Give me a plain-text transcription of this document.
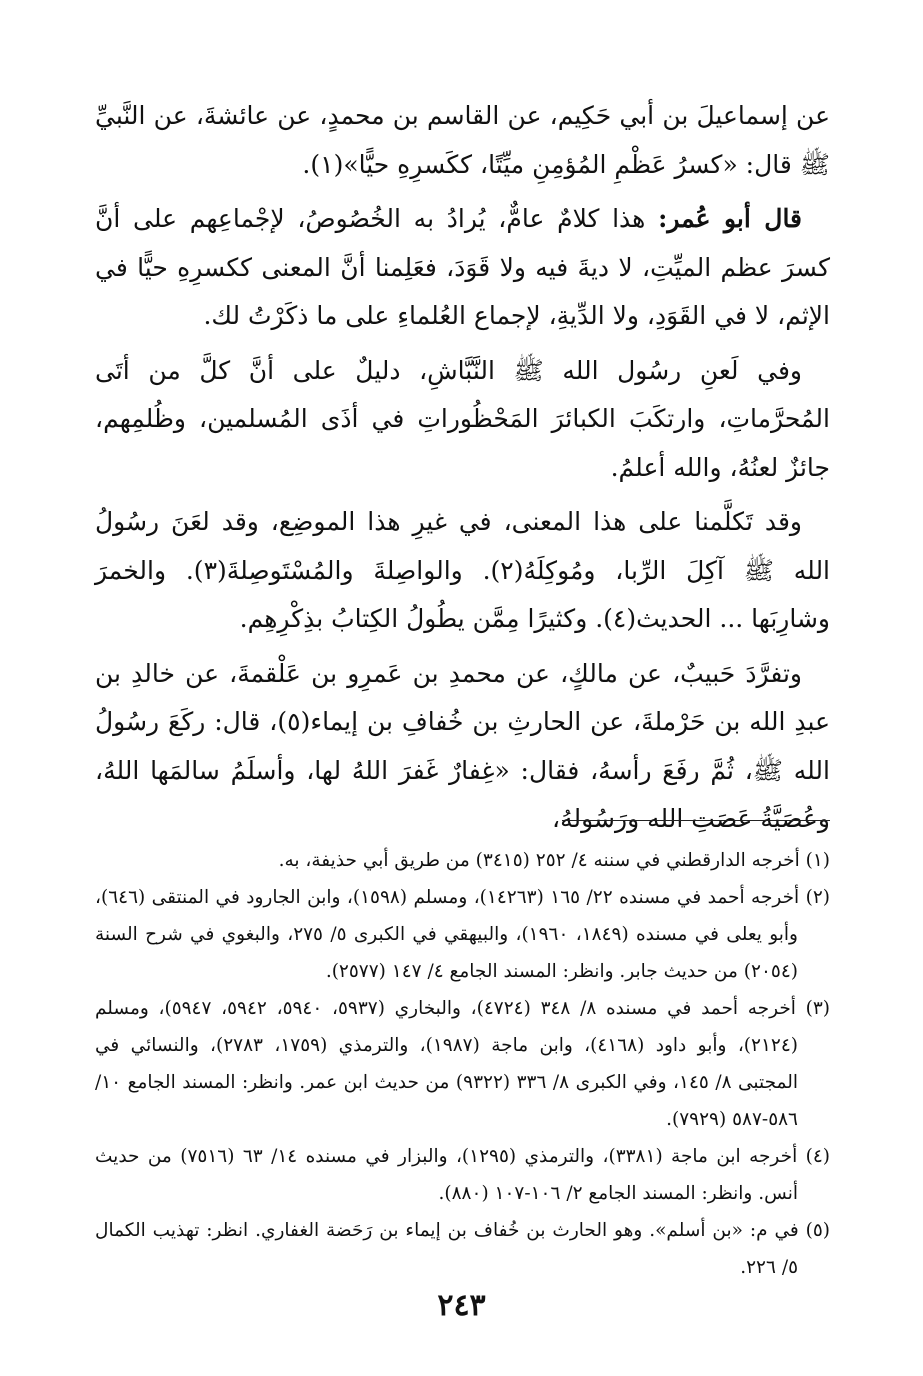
عن إسماعيلَ بن أبي حَكِيم، عن القاسم بن محمدٍ، عن عائشةَ، عن النَّبيِّ ﷺ قال: «كسرُ عَظْمِ المُؤمِنِ ميِّتًا، ككَسرِهِ حيًّا»(١).

قال أبو عُمر: هذا كلامٌ عامٌّ، يُرادُ به الخُصُوصُ، لإجْماعِهم على أنَّ كسرَ عظم الميِّتِ، لا ديةَ فيه ولا قَوَدَ، فعَلِمنا أنَّ المعنى ككسرِهِ حيًّا في الإثم، لا في القَوَدِ، ولا الدِّيةِ، لإجماع العُلماءِ على ما ذكَرْتُ لك.

وفي لَعنِ رسُول الله ﷺ النَّبَّاشِ، دليلٌ على أنَّ كلَّ من أتَى المُحرَّماتِ، وارتكَبَ الكبائرَ المَحْظُوراتِ في أذَى المُسلمين، وظُلمِهم، جائزٌ لعنُهُ، والله أعلمُ.

وقد تَكلَّمنا على هذا المعنى، في غيرِ هذا الموضِع، وقد لعَنَ رسُولُ الله ﷺ آكِلَ الرِّبا، ومُوكِلَهُ(٢). والواصِلةَ والمُسْتَوصِلةَ(٣). والخمرَ وشارِبَها ... الحديث(٤). وكثيرًا مِمَّن يطُولُ الكِتابُ بذِكْرِهِم.

وتفرَّدَ حَبيبٌ، عن مالكٍ، عن محمدِ بن عَمرِو بن عَلْقمةَ، عن خالدِ بن عبدِ الله بن حَرْملةَ، عن الحارثِ بن خُفافِ بن إيماء(٥)، قال: ركَعَ رسُولُ الله ﷺ، ثُمَّ رفَعَ رأسهُ، فقال: «غِفارٌ غَفرَ اللهُ لها، وأسلَمُ سالمَها اللهُ، وعُصَيَّةُ عَصَتِ الله ورَسُولهُ،

(١) أخرجه الدارقطني في سننه ٤/ ٢٥٢ (٣٤١٥) من طريق أبي حذيفة، به.

(٢) أخرجه أحمد في مسنده ٢٢/ ١٦٥ (١٤٢٦٣)، ومسلم (١٥٩٨)، وابن الجارود في المنتقى (٦٤٦)، وأبو يعلى في مسنده (١٨٤٩، ١٩٦٠)، والبيهقي في الكبرى ٥/ ٢٧٥، والبغوي في شرح السنة (٢٠٥٤) من حديث جابر. وانظر: المسند الجامع ٤/ ١٤٧ (٢٥٧٧).

(٣) أخرجه أحمد في مسنده ٨/ ٣٤٨ (٤٧٢٤)، والبخاري (٥٩٣٧، ٥٩٤٠، ٥٩٤٢، ٥٩٤٧)، ومسلم (٢١٢٤)، وأبو داود (٤١٦٨)، وابن ماجة (١٩٨٧)، والترمذي (١٧٥٩، ٢٧٨٣)، والنسائي في المجتبى ٨/ ١٤٥، وفي الكبرى ٨/ ٣٣٦ (٩٣٢٢) من حديث ابن عمر. وانظر: المسند الجامع ١٠/ ٥٨٦-٥٨٧ (٧٩٢٩).

(٤) أخرجه ابن ماجة (٣٣٨١)، والترمذي (١٢٩٥)، والبزار في مسنده ١٤/ ٦٣ (٧٥١٦) من حديث أنس. وانظر: المسند الجامع ٢/ ١٠٦-١٠٧ (٨٨٠).

(٥) في م: «بن أسلم». وهو الحارث بن خُفاف بن إيماء بن رَحَضة الغفاري. انظر: تهذيب الكمال ٥/ ٢٢٦.

٢٤٣
